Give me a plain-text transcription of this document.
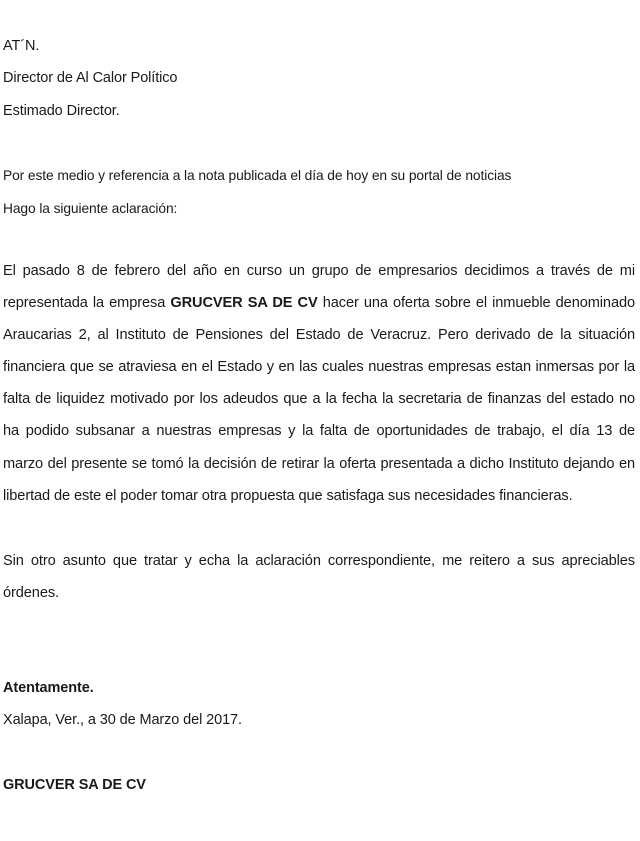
AT´N.
Director de Al Calor Político
Estimado Director.
Por este medio y referencia a la nota publicada el día de hoy en su portal de noticias
Hago la siguiente aclaración:
El pasado 8 de febrero del año en curso un grupo de empresarios decidimos a través de mi representada la empresa GRUCVER SA DE CV hacer una oferta sobre el inmueble denominado Araucarias 2, al Instituto de Pensiones del Estado de Veracruz. Pero derivado de la situación financiera que se atraviesa en el Estado y en las cuales nuestras empresas estan inmersas por la falta de liquidez motivado por los adeudos que a la fecha la secretaria de finanzas del estado no ha podido subsanar a nuestras empresas y la falta de oportunidades de trabajo, el día 13 de marzo del presente se tomó la decisión de retirar la oferta presentada a dicho Instituto dejando en libertad de este el poder tomar otra propuesta que satisfaga sus necesidades financieras.
Sin otro asunto que tratar y echa la aclaración correspondiente, me reitero a sus apreciables órdenes.
Atentamente.
Xalapa, Ver., a 30 de Marzo del 2017.
GRUCVER SA DE CV
